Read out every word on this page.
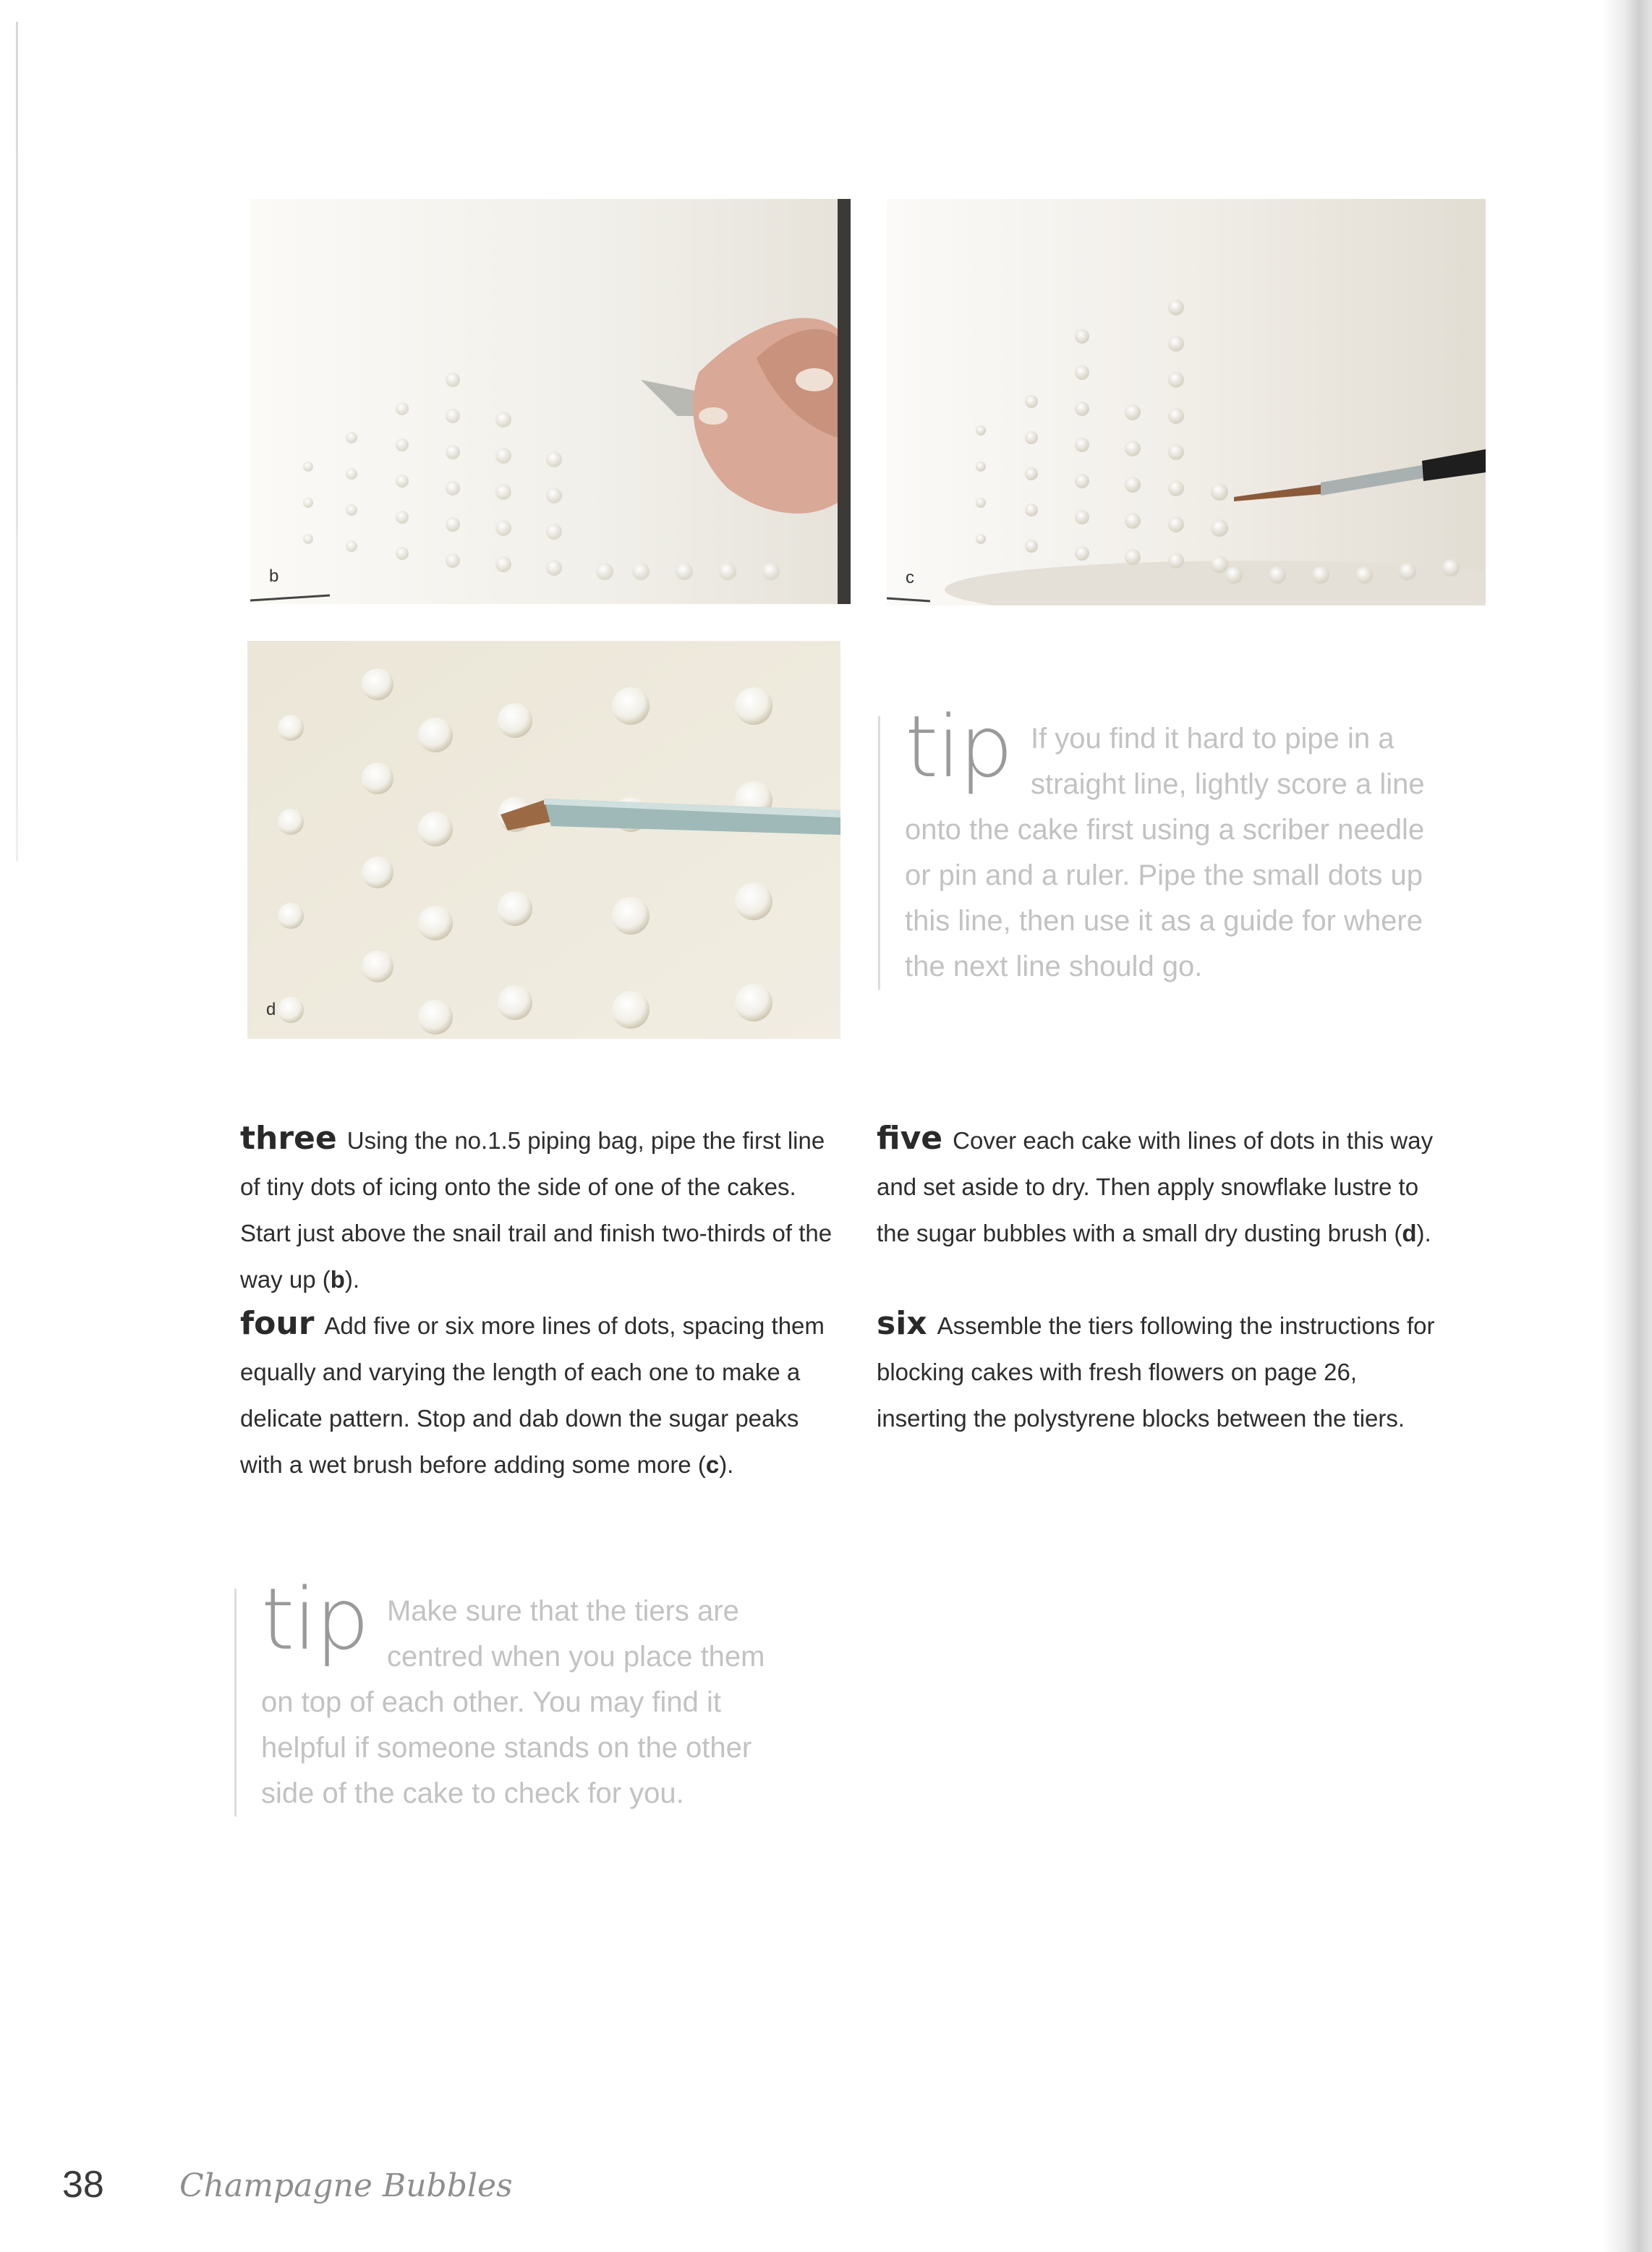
b	c
d
tip If you find it hard to pipe in a straight line, lightly score a line onto the cake first using a scriber needle or pin and a ruler. Pipe the small dots up this line, then use it as a guide for where the next line should go.
three Using the no.1.5 piping bag, pipe the first line of tiny dots of icing onto the side of one of the cakes. Start just above the snail trail and finish two-thirds of the way up (b).
four Add five or six more lines of dots, spacing them equally and varying the length of each one to make a delicate pattern. Stop and dab down the sugar peaks with a wet brush before adding some more (c).
five Cover each cake with lines of dots in this way and set aside to dry. Then apply snowflake lustre to the sugar bubbles with a small dry dusting brush (d).
six Assemble the tiers following the instructions for blocking cakes with fresh flowers on page 26, inserting the polystyrene blocks between the tiers.
tip Make sure that the tiers are centred when you place them on top of each other. You may find it helpful if someone stands on the other side of the cake to check for you.
38 Champagne Bubbles
